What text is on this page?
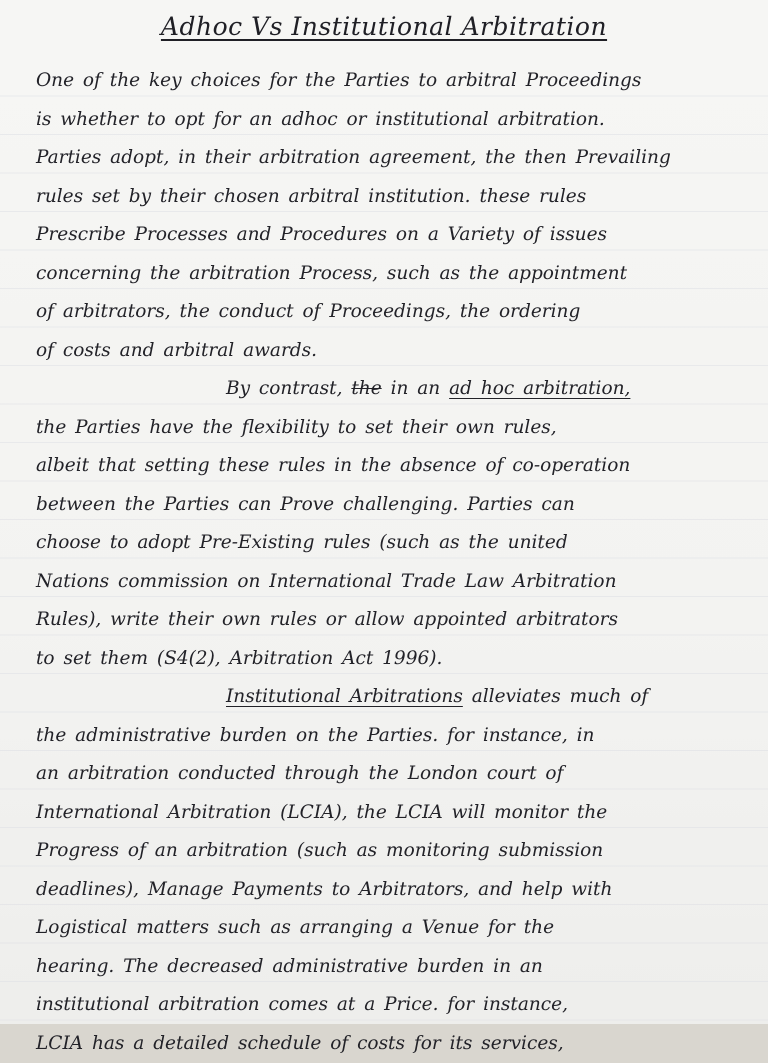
Adhoc Vs Institutional Arbitration
One of the key choices for the Parties to arbitral Proceedings
is whether to opt for an adhoc or institutional arbitration.
Parties adopt, in their arbitration agreement, the then Prevailing
rules set by their chosen arbitral institution. these rules
Prescribe Processes and Procedures on a Variety of issues
concerning the arbitration Process, such as the appointment
of arbitrators, the conduct of Proceedings, the ordering
of costs and arbitral awards.
By contrast, the in an ad hoc arbitration,
the Parties have the flexibility to set their own rules,
albeit that setting these rules in the absence of co-operation
between the Parties can Prove challenging. Parties can
choose to adopt Pre-Existing rules (such as the united
Nations commission on International Trade Law Arbitration
Rules), write their own rules or allow appointed arbitrators
to set them (S4(2), Arbitration Act 1996).
Institutional Arbitrations alleviates much of
the administrative burden on the Parties. for instance, in
an arbitration conducted through the London court of
International Arbitration (LCIA), the LCIA will monitor the
Progress of an arbitration (such as monitoring submission
deadlines), Manage Payments to Arbitrators, and help with
Logistical matters such as arranging a Venue for the
hearing. The decreased administrative burden in an
institutional arbitration comes at a Price. for instance,
LCIA has a detailed schedule of costs for its services,
